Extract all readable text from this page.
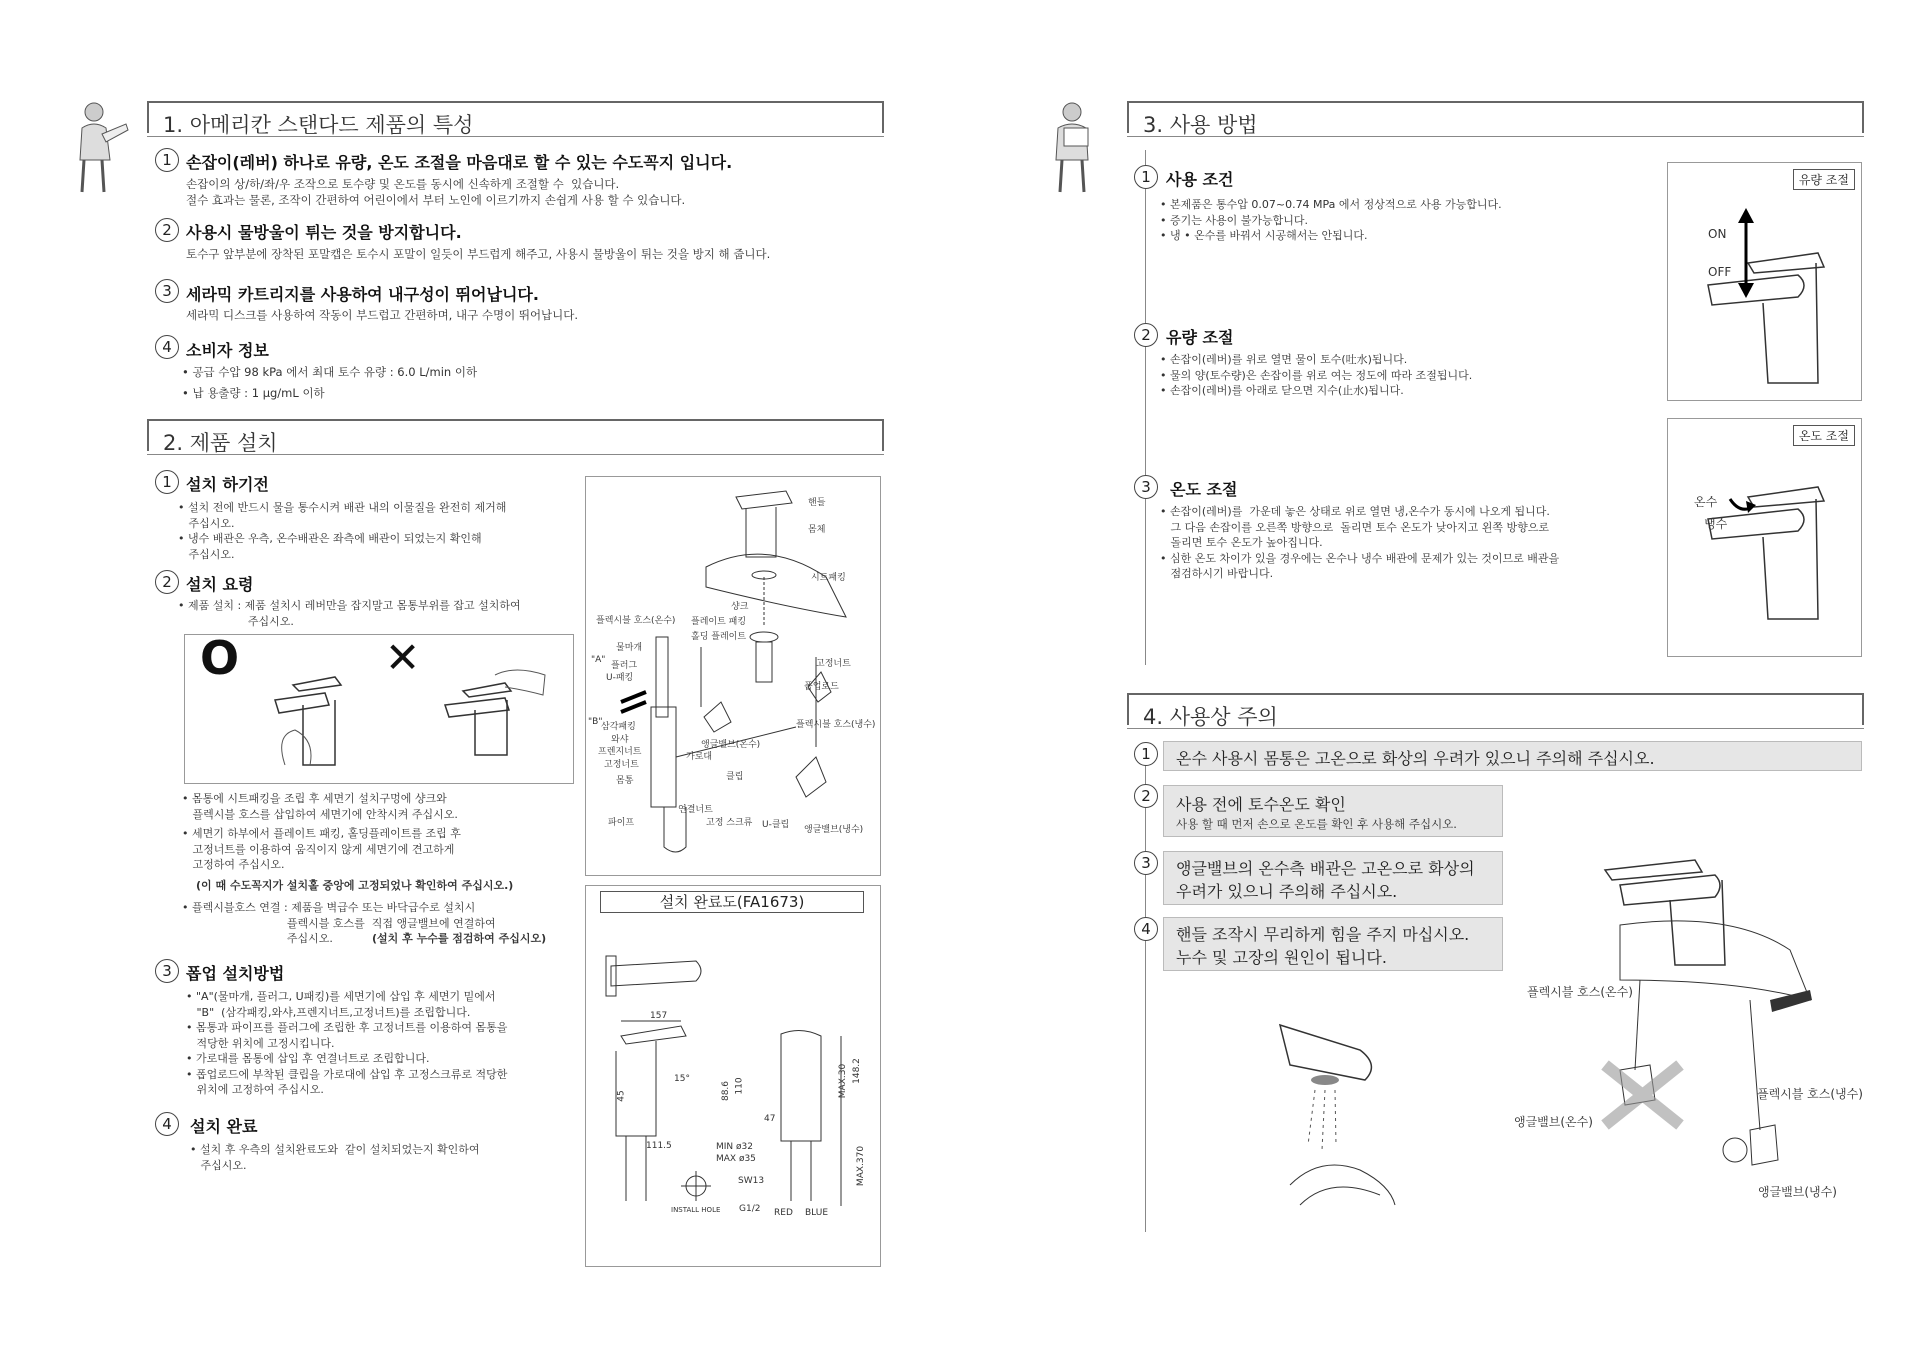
1. 아메리칸 스탠다드 제품의 특성
1 손잡이(레버) 하나로 유량, 온도 조절을 마음대로 할 수 있는 수도꼭지 입니다.
손잡이의 상/하/좌/우 조작으로 토수량 및 온도를 동시에 신속하게 조절할 수  있습니다.
절수 효과는 물론, 조작이 간편하여 어린이에서 부터 노인에 이르기까지 손쉽게 사용 할 수 있습니다.
2 사용시 물방울이 튀는 것을 방지합니다.
토수구 앞부분에 장착된 포말캡은 토수시 포말이 일듯이 부드럽게 해주고, 사용시 물방울이 튀는 것을 방지 해 줍니다.
3 세라믹 카트리지를 사용하여 내구성이 뛰어납니다.
세라믹 디스크를 사용하여 작동이 부드럽고 간편하며, 내구 수명이 뛰어납니다.
4 소비자 정보
• 공급 수압 98 kPa 에서 최대 토수 유량 : 6.0 L/min 이하
• 납 용출량 : 1 μg/mL 이하
2. 제품 설치
1 설치 하기전
• 설치 전에 반드시 물을 통수시켜 배관 내의 이물질을 완전히 제거해
주십시오.
• 냉수 배관은 우측, 온수배관은 좌측에 배관이 되었는지 확인해
주십시오.
2 설치 요령
• 제품 설치 : 제품 설치시 레버만을 잡지말고 몸통부위를 잡고 설치하여
주십시오.
O	✕
• 몸통에 시트패킹을 조립 후 세면기 설치구멍에 샹크와
플렉시블 호스를 삽입하여 세면기에 안착시켜 주십시오.
• 세면기 하부에서 플레이트 패킹, 홀딩플레이트를 조립 후
고정너트를 이용하여 움직이지 않게 세면기에 견고하게
고정하여 주십시오.
(이 때 수도꼭지가 설치홀 중앙에 고정되었나 확인하여 주십시오.)
• 플렉시블호스 연결 : 제품을 벽급수 또는 바닥급수로 설치시
플렉시블 호스를  직접 앵글밸브에 연결하여
주십시오.	(설치 후 누수를 점검하여 주십시오)
3 폽업 설치방법
• "A"(물마개, 플러그, U패킹)를 세면기에 삽입 후 세면기 밑에서
"B"  (삼각패킹,와샤,프렌지너트,고정너트)를 조립합니다.
• 몸통과 파이프를 플러그에 조립한 후 고정너트를 이용하여 몸통을
적당한 위치에 고정시킵니다.
• 가로대를 몸통에 삽입 후 연결너트로 조립합니다.
• 폽업로드에 부착된 클립을 가로대에 삽입 후 고정스크류로 적당한
위치에 고정하여 주십시오.
4	설치 완료
• 설치 후 우측의 설치완료도와  같이 설치되었는지 확인하여
주십시오.
핸들
몸체
시트패킹
샹크
플레이트 패킹
홀딩 플레이트
플렉시블 호스(온수)
물마개
"A"
플러그
U-패킹
고정너트
폽업로드
플렉시블 호스(냉수)
앵글밸브(온수)
"B"
삼각패킹
와샤
프렌지너트	가로대
고정너트
몸통	클립
연결너트
파이프	고정 스크류 U-클립 앵글밸브(냉수)
설치 완료도(FA1673)
157
111.5	MIN ø32
MAX ø35
SW13
G1/2 RED BLUE
INSTALL HOLE
47
88.6 110	MAX.30 148.2
MAX.370
45
15°
3. 사용 방법
1 사용 조건
• 본제품은 통수압 0.07~0.74 MPa 에서 정상적으로 사용 가능합니다.
• 증기는 사용이 불가능합니다.
• 냉 • 온수를 바꿔서 시공해서는 안됩니다.
2 유량 조절
• 손잡이(레버)를 위로 열면 물이 토수(吐水)됩니다.
• 물의 양(토수량)은 손잡이를 위로 여는 정도에 따라 조절됩니다.
• 손잡이(레버)를 아래로 닫으면 지수(止水)됩니다.
3	온도 조절
• 손잡이(레버)를  가운데 놓은 상태로 위로 열면 냉,온수가 동시에 나오게 됩니다.
그 다음 손잡이를 오른쪽 방향으로  돌리면 토수 온도가 낮아지고 왼쪽 방향으로
돌리면 토수 온도가 높아집니다.
• 심한 온도 차이가 있을 경우에는 온수나 냉수 배관에 문제가 있는 것이므로 배관을
점검하시기 바랍니다.
유량 조절
ON
OFF
온도 조절
온수
냉수
4. 사용상 주의
1	온수 사용시 몸통은 고온으로 화상의 우려가 있으니 주의해 주십시오.
2	사용 전에 토수온도 확인
사용 할 때 먼저 손으로 온도를 확인 후 사용해 주십시오.
3	앵글밸브의 온수측 배관은 고온으로 화상의
우려가 있으니 주의해 주십시오.
4	핸들 조작시 무리하게 힘을 주지 마십시오.
누수 및 고장의 원인이 됩니다.
플렉시블 호스(온수)
플렉시블 호스(냉수)
앵글밸브(온수)
앵글밸브(냉수)
